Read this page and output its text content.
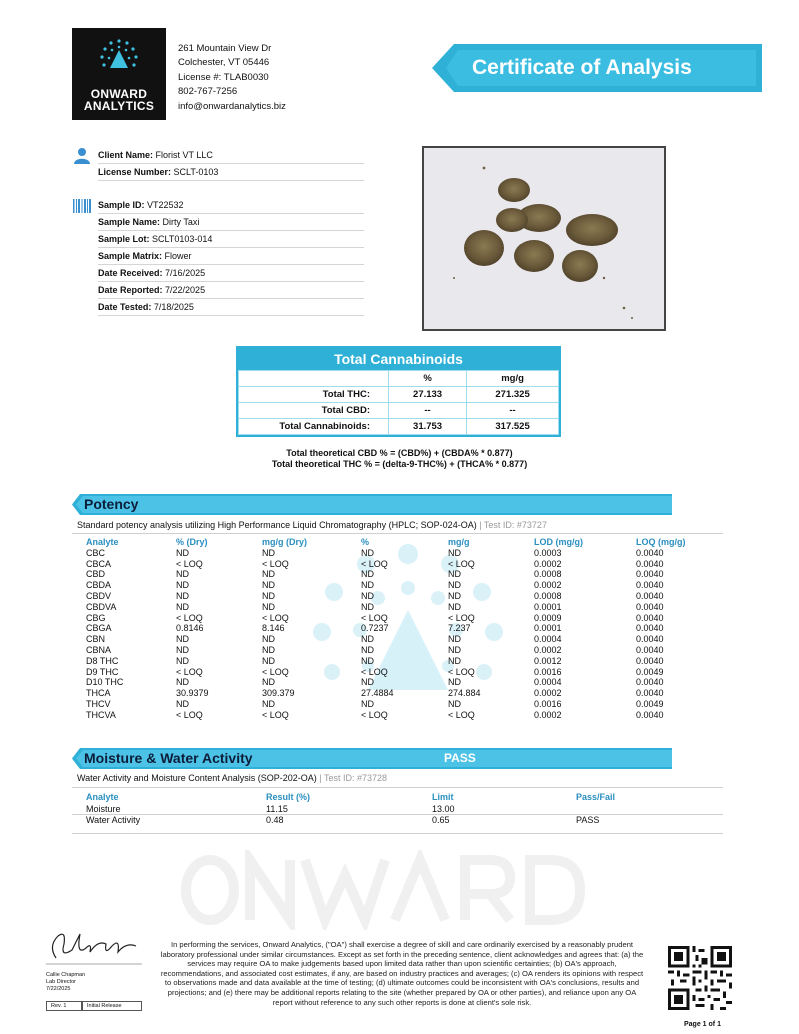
ONWARD
ANALYTICS
261 Mountain View Dr
Colchester, VT 05446
License #: TLAB0030
802-767-7256
info@onwardanalytics.biz
Certificate of Analysis
Client Name: Florist VT LLC
License Number: SCLT-0103
Sample ID: VT22532
Sample Name: Dirty Taxi
Sample Lot: SCLT0103-014
Sample Matrix: Flower
Date Received: 7/16/2025
Date Reported: 7/22/2025
Date Tested: 7/18/2025
Total Cannabinoids
	%	mg/g
Total THC:	27.133	271.325
Total CBD:	--	--
Total Cannabinoids:	31.753	317.525
Total theoretical CBD % = (CBD%) + (CBDA% * 0.877)
Total theoretical THC % = (delta-9-THC%) + (THCA% * 0.877)
Potency
Standard potency analysis utilizing High Performance Liquid Chromatography (HPLC; SOP-024-OA) | Test ID: #73727
Analyte	% (Dry)	mg/g (Dry)	%	mg/g	LOD (mg/g)	LOQ (mg/g)
CBC	ND	ND	ND	ND	0.0003	0.0040
CBCA	< LOQ	< LOQ	< LOQ	< LOQ	0.0002	0.0040
CBD	ND	ND	ND	ND	0.0008	0.0040
CBDA	ND	ND	ND	ND	0.0002	0.0040
CBDV	ND	ND	ND	ND	0.0008	0.0040
CBDVA	ND	ND	ND	ND	0.0001	0.0040
CBG	< LOQ	< LOQ	< LOQ	< LOQ	0.0009	0.0040
CBGA	0.8146	8.146	0.7237	7.237	0.0001	0.0040
CBN	ND	ND	ND	ND	0.0004	0.0040
CBNA	ND	ND	ND	ND	0.0002	0.0040
D8 THC	ND	ND	ND	ND	0.0012	0.0040
D9 THC	< LOQ	< LOQ	< LOQ	< LOQ	0.0016	0.0049
D10 THC	ND	ND	ND	ND	0.0004	0.0040
THCA	30.9379	309.379	27.4884	274.884	0.0002	0.0040
THCV	ND	ND	ND	ND	0.0016	0.0049
THCVA	< LOQ	< LOQ	< LOQ	< LOQ	0.0002	0.0040
Moisture & Water Activity	PASS
Water Activity and Moisture Content Analysis (SOP-202-OA) | Test ID: #73728
Analyte	Result (%)	Limit	Pass/Fail
Moisture	11.15	13.00
Water Activity	0.48	0.65	PASS
Callie Chapman
Lab Director
7/22/2025
Rev. 1	Initial Release
In performing the services, Onward Analytics, ("OA") shall exercise a degree of skill and care ordinarily exercised by a reasonably prudent laboratory professional under similar circumstances. Except as set forth in the preceding sentence, client acknowledges and agrees that: (a) the services may require OA to make judgements based upon limited data rather than upon scientific certainties; (b) OA's approach, recommendations, and associated cost estimates, if any, are based on industry practices and averages; (c) OA renders its opinions with respect to observations made and data available at the time of testing; (d) ultimate outcomes could be inconsistent with OA's conclusions, results and projections; and (e) there may be additional reports relating to the site (whether prepared by OA or other parties), and reliance upon any OA report without reference to any such other reports is done at client's sole risk.
Page 1 of 1
